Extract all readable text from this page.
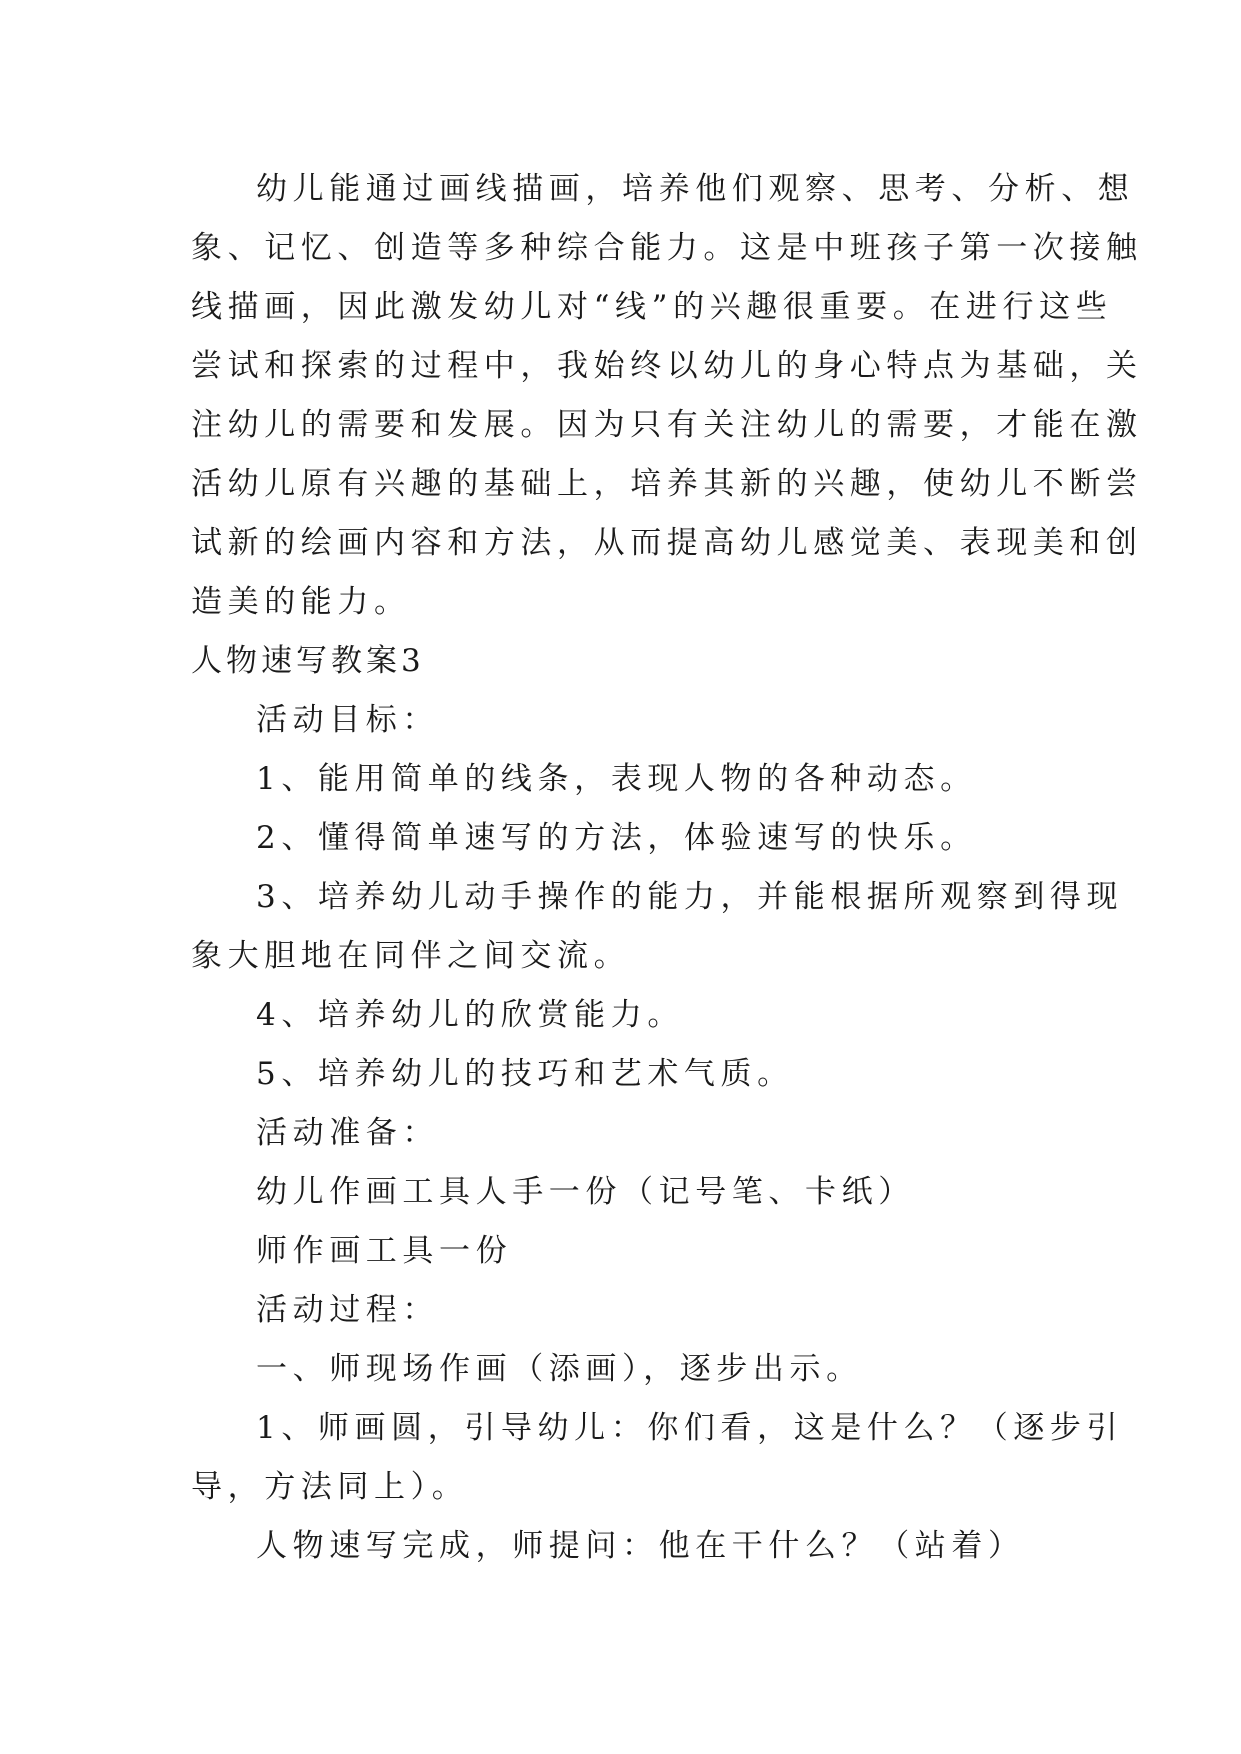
幼儿能通过画线描画，培养他们观察、思考、分析、想
象、记忆、创造等多种综合能力。这是中班孩子第一次接触
线描画，因此激发幼儿对“线”的兴趣很重要。在进行这些
尝试和探索的过程中，我始终以幼儿的身心特点为基础，关
注幼儿的需要和发展。因为只有关注幼儿的需要，才能在激
活幼儿原有兴趣的基础上，培养其新的兴趣，使幼儿不断尝
试新的绘画内容和方法，从而提高幼儿感觉美、表现美和创
造美的能力。
人物速写教案3
活动目标：
1、能用简单的线条，表现人物的各种动态。
2、懂得简单速写的方法，体验速写的快乐。
3、培养幼儿动手操作的能力，并能根据所观察到得现
象大胆地在同伴之间交流。
4、培养幼儿的欣赏能力。
5、培养幼儿的技巧和艺术气质。
活动准备：
幼儿作画工具人手一份（记号笔、卡纸）
师作画工具一份
活动过程：
一、师现场作画（添画），逐步出示。
1、师画圆，引导幼儿：你们看，这是什么？（逐步引
导，方法同上）。
人物速写完成，师提问：他在干什么？（站着）
